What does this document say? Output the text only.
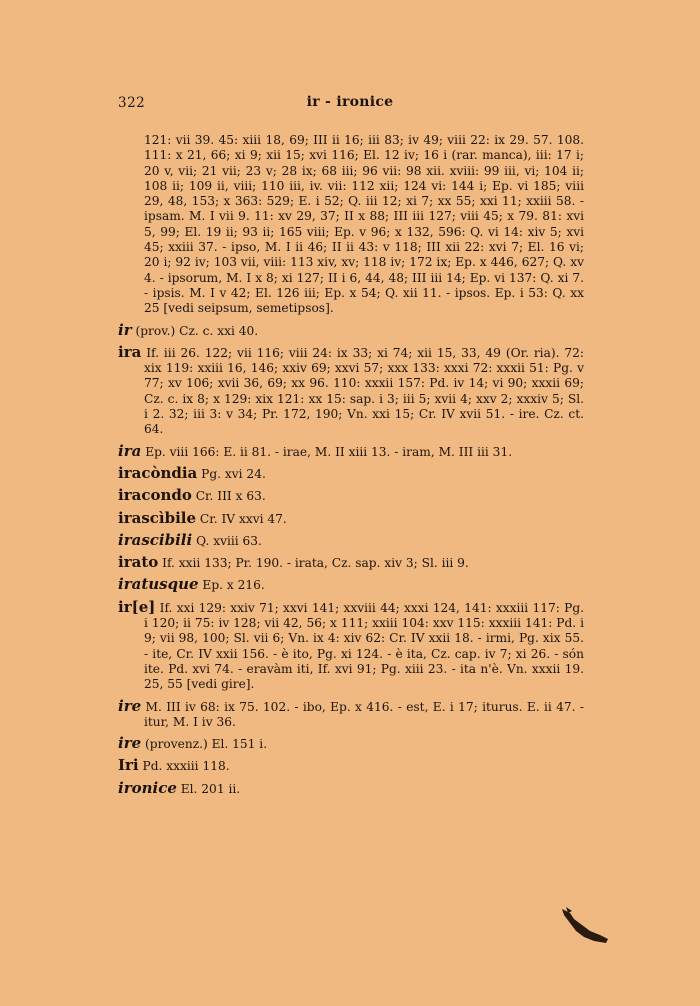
322	ir - ironice
121: vii 39. 45: xiii 18, 69; III ii 16; iii 83; iv 49; viii 22: ix 29. 57. 108. 111: x 21, 66; xi 9; xii 15; xvi 116; El. 12 iv; 16 i (rar. manca), iii: 17 i; 20 v, vii; 21 vii; 23 v; 28 ix; 68 iii; 96 vii: 98 xii. xviii: 99 iii, vi; 104 ii; 108 ii; 109 ii, viii; 110 iii, iv. vii: 112 xii; 124 vi: 144 i; Ep. vi 185; viii 29, 48, 153; x 363: 529; E. i 52; Q. iii 12; xi 7; xx 55; xxi 11; xxiii 58. - ipsam. M. I vii 9. 11: xv 29, 37; II x 88; III iii 127; viii 45; x 79. 81: xvi 5, 99; El. 19 ii; 93 ii; 165 viii; Ep. v 96; x 132, 596: Q. vi 14: xiv 5; xvi 45; xxiii 37. - ipso, M. I ii 46; II ii 43: v 118; III xii 22: xvi 7; El. 16 vi; 20 i; 92 iv; 103 vii, viii: 113 xiv, xv; 118 iv; 172 ix; Ep. x 446, 627; Q. xv 4. - ipsorum, M. I x 8; xi 127; II i 6, 44, 48; III iii 14; Ep. vi 137: Q. xi 7. - ipsis. M. I v 42; El. 126 iii; Ep. x 54; Q. xii 11. - ipsos. Ep. i 53: Q. xx 25 [vedi seipsum, semetipsos].
ir (prov.) Cz. c. xxi 40.
ira If. iii 26. 122; vii 116; viii 24: ix 33; xi 74; xii 15, 33, 49 (Or. ria). 72: xix 119: xxiii 16, 146; xxiv 69; xxvi 57; xxx 133: xxxi 72: xxxii 51: Pg. v 77; xv 106; xvii 36, 69; xx 96. 110: xxxii 157: Pd. iv 14; vi 90; xxxii 69; Cz. c. ix 8; x 129: xix 121: xx 15: sap. i 3; iii 5; xvii 4; xxv 2; xxxiv 5; Sl. i 2. 32; iii 3: v 34; Pr. 172, 190; Vn. xxi 15; Cr. IV xvii 51. - ire. Cz. ct. 64.
ira Ep. viii 166: E. ii 81. - irae, M. II xiii 13. - iram, M. III iii 31.
iracòndia Pg. xvi 24.
iracondo Cr. III x 63.
irascìbile Cr. IV xxvi 47.
irascibili Q. xviii 63.
irato If. xxii 133; Pr. 190. - irata, Cz. sap. xiv 3; Sl. iii 9.
iratusque Ep. x 216.
ir[e] If. xxi 129: xxiv 71; xxvi 141; xxviii 44; xxxi 124, 141: xxxiii 117: Pg. i 120; ii 75: iv 128; vii 42, 56; x 111; xxiii 104: xxv 115: xxxiii 141: Pd. i 9; vii 98, 100; Sl. vii 6; Vn. ix 4: xiv 62: Cr. IV xxii 18. - irmi, Pg. xix 55. - ite, Cr. IV xxii 156. - è ito, Pg. xi 124. - è ita, Cz. cap. iv 7; xi 26. - són ite. Pd. xvi 74. - eravàm iti, If. xvi 91; Pg. xiii 23. - ita n'è. Vn. xxxii 19. 25, 55 [vedi gire].
ire M. III iv 68: ix 75. 102. - ibo, Ep. x 416. - est, E. i 17; iturus. E. ii 47. - itur, M. I iv 36.
ire (provenz.) El. 151 i.
Iri Pd. xxxiii 118.
ironice El. 201 ii.
